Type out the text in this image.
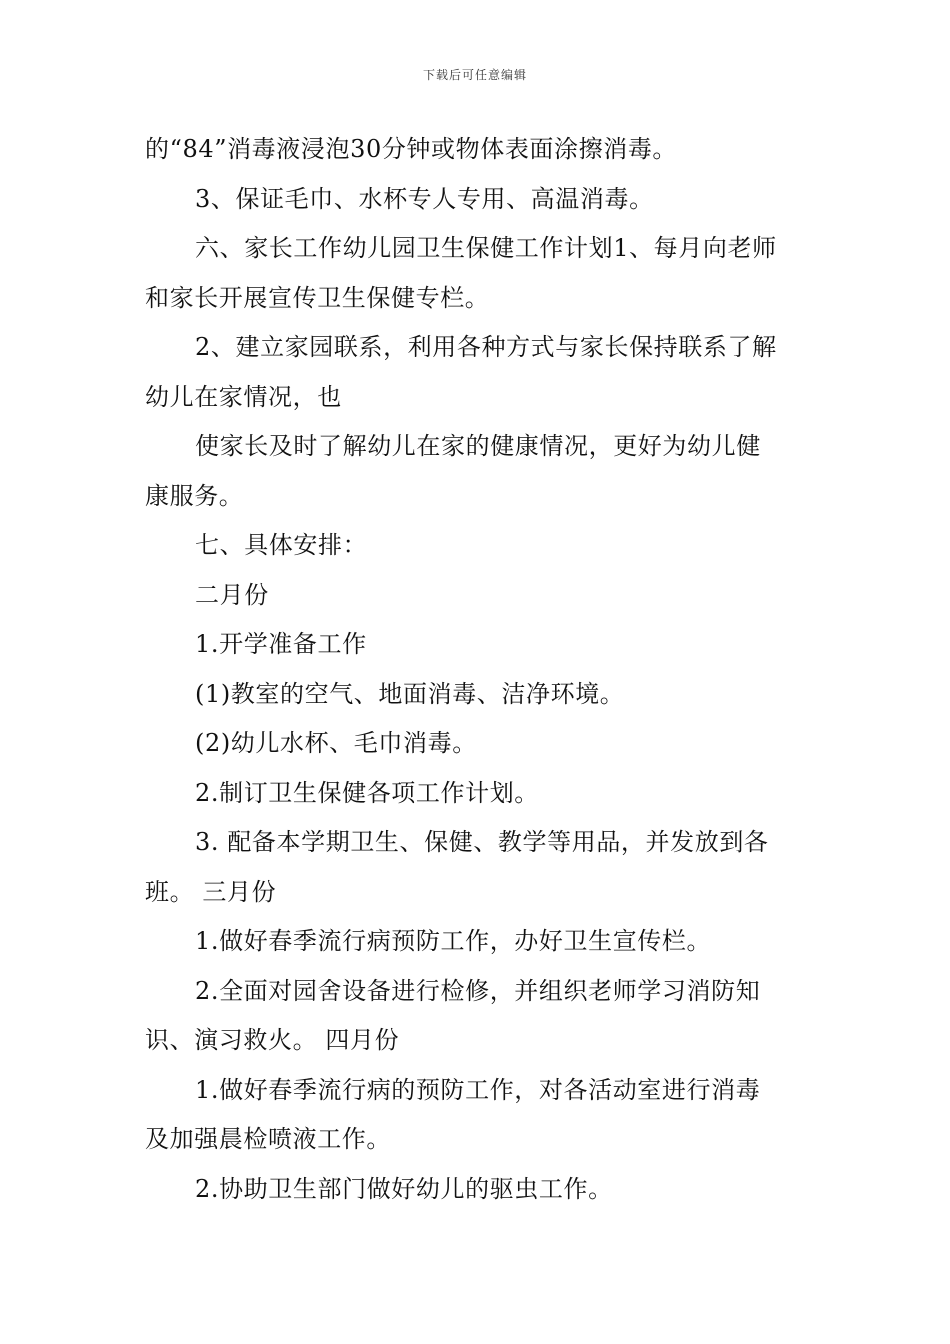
下载后可任意编辑
的“84”消毒液浸泡30分钟或物体表面涂擦消毒。
3、保证毛巾、水杯专人专用、高温消毒。
六、家长工作幼儿园卫生保健工作计划1、每月向老师
和家长开展宣传卫生保健专栏。
2、建立家园联系，利用各种方式与家长保持联系了解
幼儿在家情况，也
使家长及时了解幼儿在家的健康情况，更好为幼儿健
康服务。
七、具体安排：
二月份
1.开学准备工作
(1)教室的空气、地面消毒、洁净环境。
(2)幼儿水杯、毛巾消毒。
2.制订卫生保健各项工作计划。
3. 配备本学期卫生、保健、教学等用品，并发放到各
班。 三月份
1.做好春季流行病预防工作，办好卫生宣传栏。
2.全面对园舍设备进行检修，并组织老师学习消防知
识、演习救火。 四月份
1.做好春季流行病的预防工作，对各活动室进行消毒
及加强晨检喷液工作。
2.协助卫生部门做好幼儿的驱虫工作。
